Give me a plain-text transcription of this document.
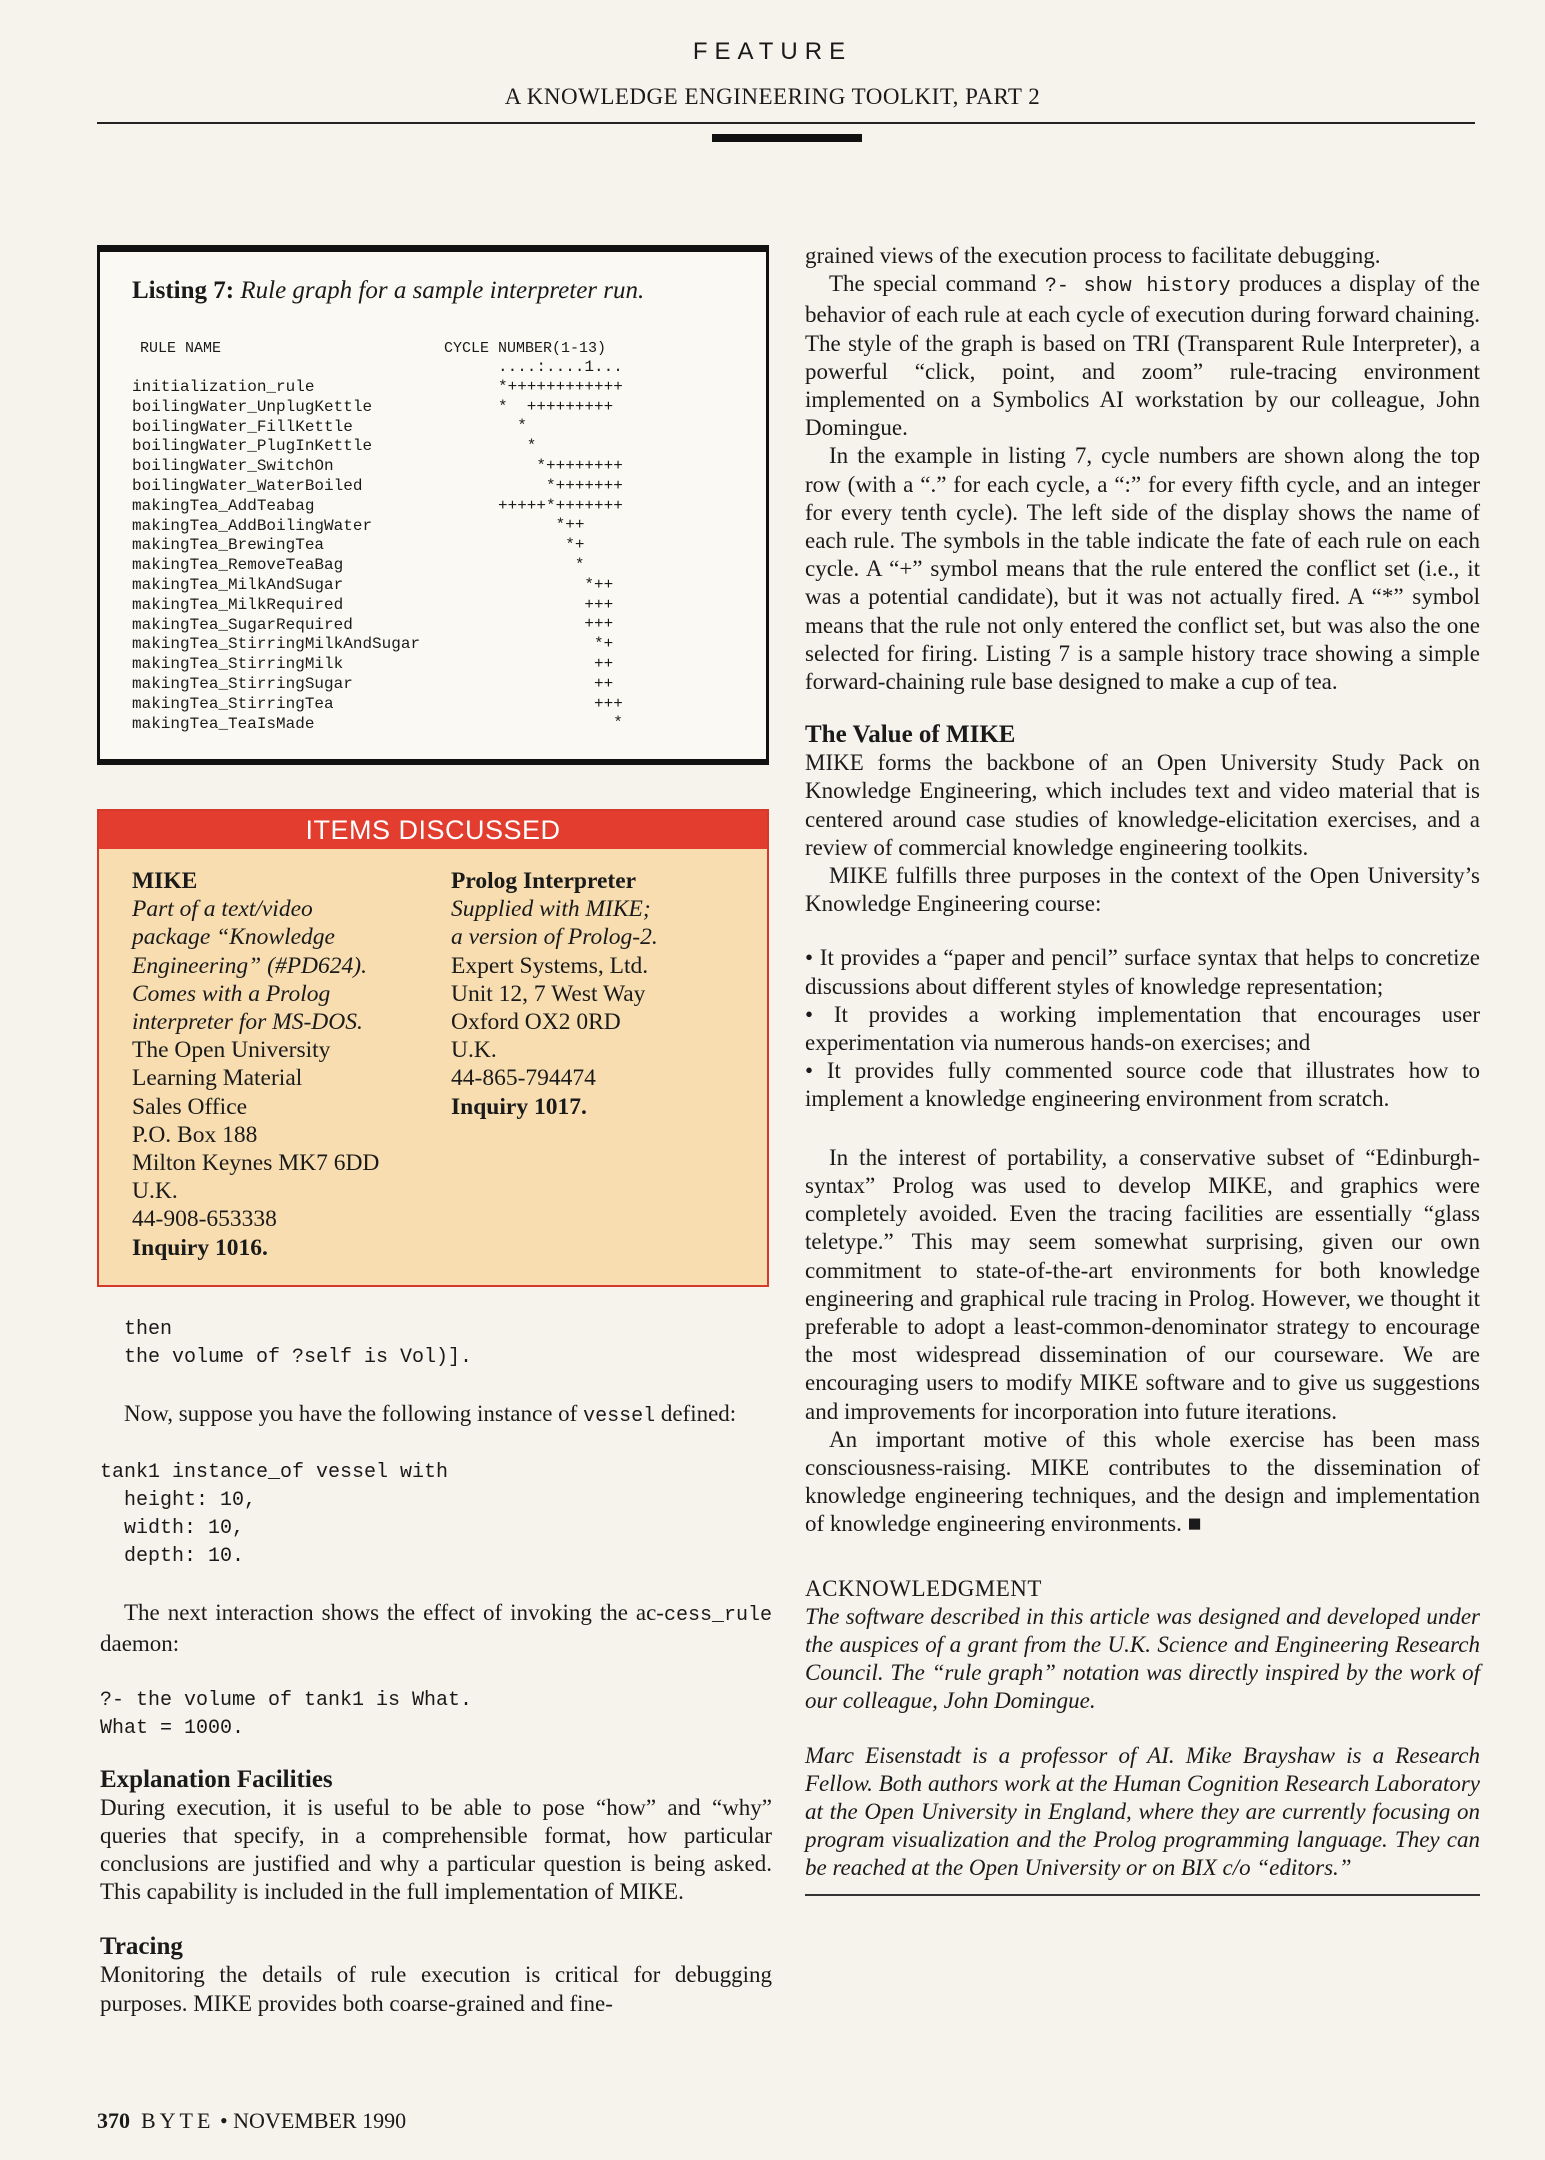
FEATURE
A KNOWLEDGE ENGINEERING TOOLKIT, PART 2
Listing 7: Rule graph for a sample interpreter run.
RULE NAME	CYCLE NUMBER(1-13)
....:....1...
*++++++++++++
*  +++++++++
*
*
*++++++++
*+++++++
+++++*+++++++
*++
*+
*
*++
+++
+++
*+
++
++
+++
*
initialization_rule
boilingWater_UnplugKettle
boilingWater_FillKettle
boilingWater_PlugInKettle
boilingWater_SwitchOn
boilingWater_WaterBoiled
makingTea_AddTeabag
makingTea_AddBoilingWater
makingTea_BrewingTea
makingTea_RemoveTeaBag
makingTea_MilkAndSugar
makingTea_MilkRequired
makingTea_SugarRequired
makingTea_StirringMilkAndSugar
makingTea_StirringMilk
makingTea_StirringSugar
makingTea_StirringTea
makingTea_TeaIsMade
ITEMS DISCUSSED
MIKE
Part of a text/video
package “Knowledge
Engineering” (#PD624).
Comes with a Prolog
interpreter for MS-DOS.
The Open University
Learning Material
Sales Office
P.O. Box 188
Milton Keynes MK7 6DD
U.K.
44-908-653338
Inquiry 1016.
Prolog Interpreter
Supplied with MIKE;
a version of Prolog-2.
Expert Systems, Ltd.
Unit 12, 7 West Way
Oxford OX2 0RD
U.K.
44-865-794474
Inquiry 1017.
then
the volume of ?self is Vol)].

Now, suppose you have the following instance of vessel defined:

tank1 instance_of vessel with
height: 10,
width: 10,
depth: 10.

The next interaction shows the effect of invoking the ac-cess_rule daemon:

?- the volume of tank1 is What.
What = 1000.
Explanation Facilities

During execution, it is useful to be able to pose “how” and “why” queries that specify, in a comprehensible format, how particular conclusions are justified and why a particular question is being asked. This capability is included in the full implementation of MIKE.

Tracing

Monitoring the details of rule execution is critical for debugging purposes. MIKE provides both coarse-grained and fine-

grained views of the execution process to facilitate debugging.

The special command ?- show history produces a display of the behavior of each rule at each cycle of execution during forward chaining. The style of the graph is based on TRI (Transparent Rule Interpreter), a powerful “click, point, and zoom” rule-tracing environment implemented on a Symbolics AI workstation by our colleague, John Domingue.

In the example in listing 7, cycle numbers are shown along the top row (with a “.” for each cycle, a “:” for every fifth cycle, and an integer for every tenth cycle). The left side of the display shows the name of each rule. The symbols in the table indicate the fate of each rule on each cycle. A “+” symbol means that the rule entered the conflict set (i.e., it was a potential candidate), but it was not actually fired. A “*” symbol means that the rule not only entered the conflict set, but was also the one selected for firing. Listing 7 is a sample history trace showing a simple forward-chaining rule base designed to make a cup of tea.

The Value of MIKE

MIKE forms the backbone of an Open University Study Pack on Knowledge Engineering, which includes text and video material that is centered around case studies of knowledge-elicitation exercises, and a review of commercial knowledge engineering toolkits.

MIKE fulfills three purposes in the context of the Open University’s Knowledge Engineering course:

• It provides a “paper and pencil” surface syntax that helps to concretize discussions about different styles of knowledge representation;

• It provides a working implementation that encourages user experimentation via numerous hands-on exercises; and

• It provides fully commented source code that illustrates how to implement a knowledge engineering environment from scratch.

In the interest of portability, a conservative subset of “Edinburgh-syntax” Prolog was used to develop MIKE, and graphics were completely avoided. Even the tracing facilities are essentially “glass teletype.” This may seem somewhat surprising, given our own commitment to state-of-the-art environments for both knowledge engineering and graphical rule tracing in Prolog. However, we thought it preferable to adopt a least-common-denominator strategy to encourage the most widespread dissemination of our courseware. We are encouraging users to modify MIKE software and to give us suggestions and improvements for incorporation into future iterations.

An important motive of this whole exercise has been mass consciousness-raising. MIKE contributes to the dissemination of knowledge engineering techniques, and the design and implementation of knowledge engineering environments. ■

ACKNOWLEDGMENT

The software described in this article was designed and developed under the auspices of a grant from the U.K. Science and Engineering Research Council. The “rule graph” notation was directly inspired by the work of our colleague, John Domingue.

Marc Eisenstadt is a professor of AI. Mike Brayshaw is a Research Fellow. Both authors work at the Human Cognition Research Laboratory at the Open University in England, where they are currently focusing on program visualization and the Prolog programming language. They can be reached at the Open University or on BIX c/o “editors.”

370 BYTE • NOVEMBER 1990
